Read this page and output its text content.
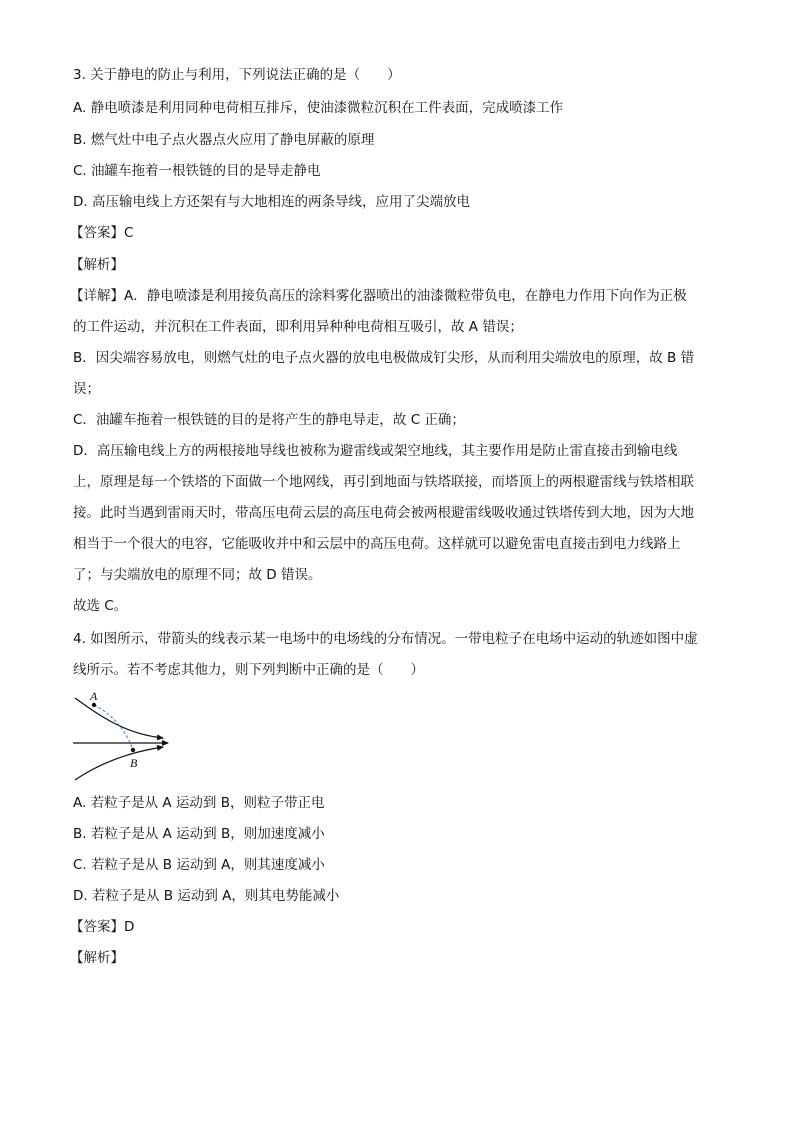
3. 关于静电的防止与利用，下列说法正确的是（　　）
A. 静电喷漆是利用同种电荷相互排斥，使油漆微粒沉积在工件表面，完成喷漆工作
B. 燃气灶中电子点火器点火应用了静电屏蔽的原理
C. 油罐车拖着一根铁链的目的是导走静电
D. 高压输电线上方还架有与大地相连的两条导线，应用了尖端放电
【答案】C
【解析】
【详解】A．静电喷漆是利用接负高压的涂料雾化器喷出的油漆微粒带负电，在静电力作用下向作为正极
的工件运动，并沉积在工件表面，即利用异种种电荷相互吸引，故 A 错误；
B．因尖端容易放电，则燃气灶的电子点火器的放电电极做成钉尖形，从而利用尖端放电的原理，故 B 错
误；
C．油罐车拖着一根铁链的目的是将产生的静电导走，故 C 正确；
D．高压输电线上方的两根接地导线也被称为避雷线或架空地线，其主要作用是防止雷直接击到输电线
上，原理是每一个铁塔的下面做一个地网线，再引到地面与铁塔联接，而塔顶上的两根避雷线与铁塔相联
接。此时当遇到雷雨天时，带高压电荷云层的高压电荷会被两根避雷线吸收通过铁塔传到大地，因为大地
相当于一个很大的电容，它能吸收并中和云层中的高压电荷。这样就可以避免雷电直接击到电力线路上
了；与尖端放电的原理不同；故 D 错误。
故选 C。
4. 如图所示，带箭头的线表示某一电场中的电场线的分布情况。一带电粒子在电场中运动的轨迹如图中虚
线所示。若不考虑其他力，则下列判断中正确的是（　　）
A
B
A. 若粒子是从 A 运动到 B，则粒子带正电
B. 若粒子是从 A 运动到 B，则加速度减小
C. 若粒子是从 B 运动到 A，则其速度减小
D. 若粒子是从 B 运动到 A，则其电势能减小
【答案】D
【解析】
